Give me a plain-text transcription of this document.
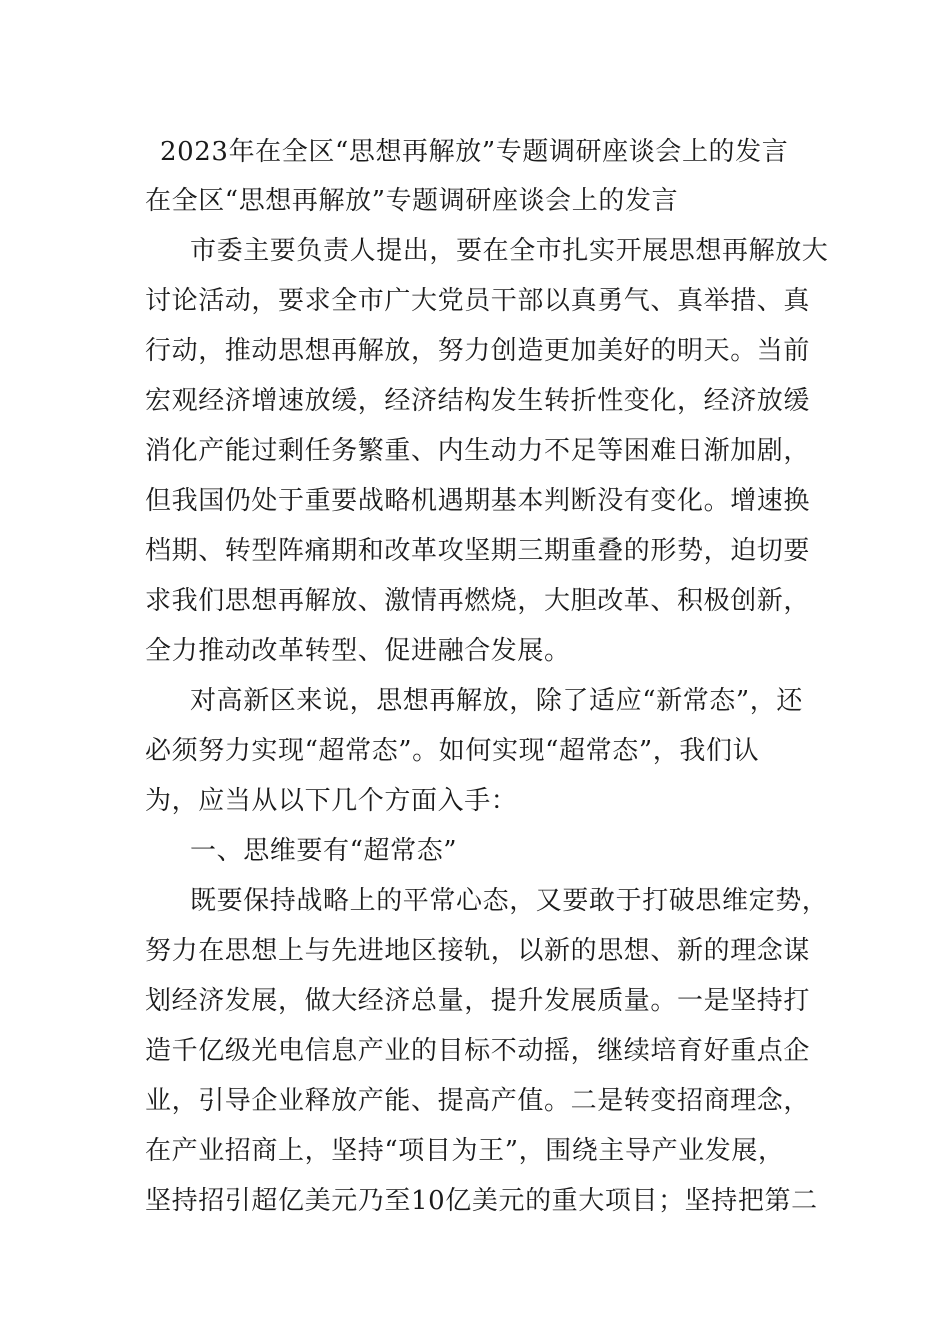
2023年在全区“思想再解放”专题调研座谈会上的发言
在全区“思想再解放”专题调研座谈会上的发言
市委主要负责人提出，要在全市扎实开展思想再解放大
讨论活动，要求全市广大党员干部以真勇气、真举措、真
行动，推动思想再解放，努力创造更加美好的明天。当前
宏观经济增速放缓，经济结构发生转折性变化，经济放缓
消化产能过剩任务繁重、内生动力不足等困难日渐加剧，
但我国仍处于重要战略机遇期基本判断没有变化。增速换
档期、转型阵痛期和改革攻坚期三期重叠的形势，迫切要
求我们思想再解放、激情再燃烧，大胆改革、积极创新，
全力推动改革转型、促进融合发展。
对高新区来说，思想再解放，除了适应“新常态”，还
必须努力实现“超常态”。如何实现“超常态”，我们认
为，应当从以下几个方面入手：
一、思维要有“超常态”
既要保持战略上的平常心态，又要敢于打破思维定势，
努力在思想上与先进地区接轨，以新的思想、新的理念谋
划经济发展，做大经济总量，提升发展质量。一是坚持打
造千亿级光电信息产业的目标不动摇，继续培育好重点企
业，引导企业释放产能、提高产值。二是转变招商理念，
在产业招商上，坚持“项目为王”，围绕主导产业发展，
坚持招引超亿美元乃至10亿美元的重大项目；坚持把第二
